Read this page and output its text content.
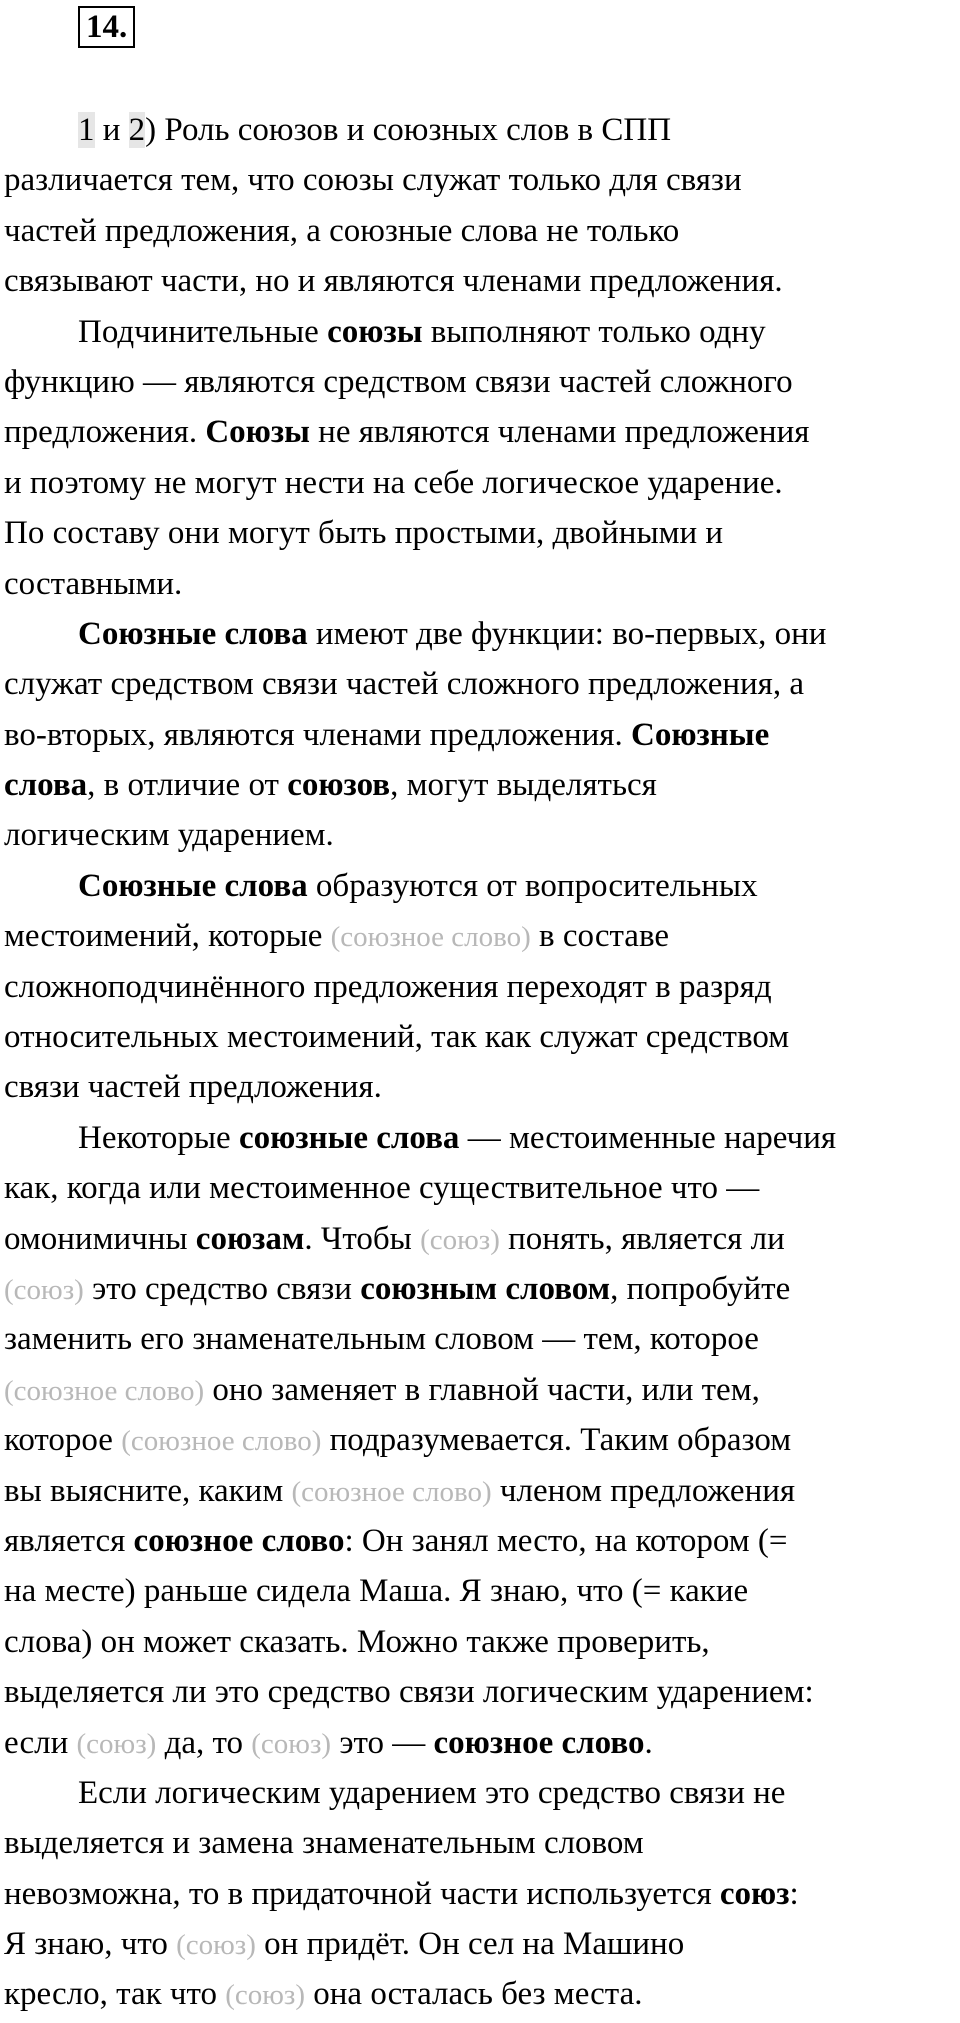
14.
1 и 2) Роль союзов и союзных слов в СПП
различается тем, что союзы служат только для связи
частей предложения, а союзные слова не только
связывают части, но и являются членами предложения.
Подчинительные союзы выполняют только одну
функцию — являются средством связи частей сложного
предложения. Союзы не являются членами предложения
и поэтому не могут нести на себе логическое ударение.
По составу они могут быть простыми, двойными и
составными.
Союзные слова имеют две функции: во-первых, они
служат средством связи частей сложного предложения, а
во-вторых, являются членами предложения. Союзные
слова, в отличие от союзов, могут выделяться
логическим ударением.
Союзные слова образуются от вопросительных
местоимений, которые (союзное слово) в составе
сложноподчинённого предложения переходят в разряд
относительных местоимений, так как служат средством
связи частей предложения.
Некоторые союзные слова — местоименные наречия
как, когда или местоименное существительное что —
омонимичны союзам. Чтобы (союз) понять, является ли
(союз) это средство связи союзным словом, попробуйте
заменить его знаменательным словом — тем, которое
(союзное слово) оно заменяет в главной части, или тем,
которое (союзное слово) подразумевается. Таким образом
вы выясните, каким (союзное слово) членом предложения
является союзное слово: Он занял место, на котором (=
на месте) раньше сидела Маша. Я знаю, что (= какие
слова) он может сказать. Можно также проверить,
выделяется ли это средство связи логическим ударением:
если (союз) да, то (союз) это — союзное слово.
Если логическим ударением это средство связи не
выделяется и замена знаменательным словом
невозможна, то в придаточной части используется союз:
Я знаю, что (союз) он придёт. Он сел на Машино
кресло, так что (союз) она осталась без места.
